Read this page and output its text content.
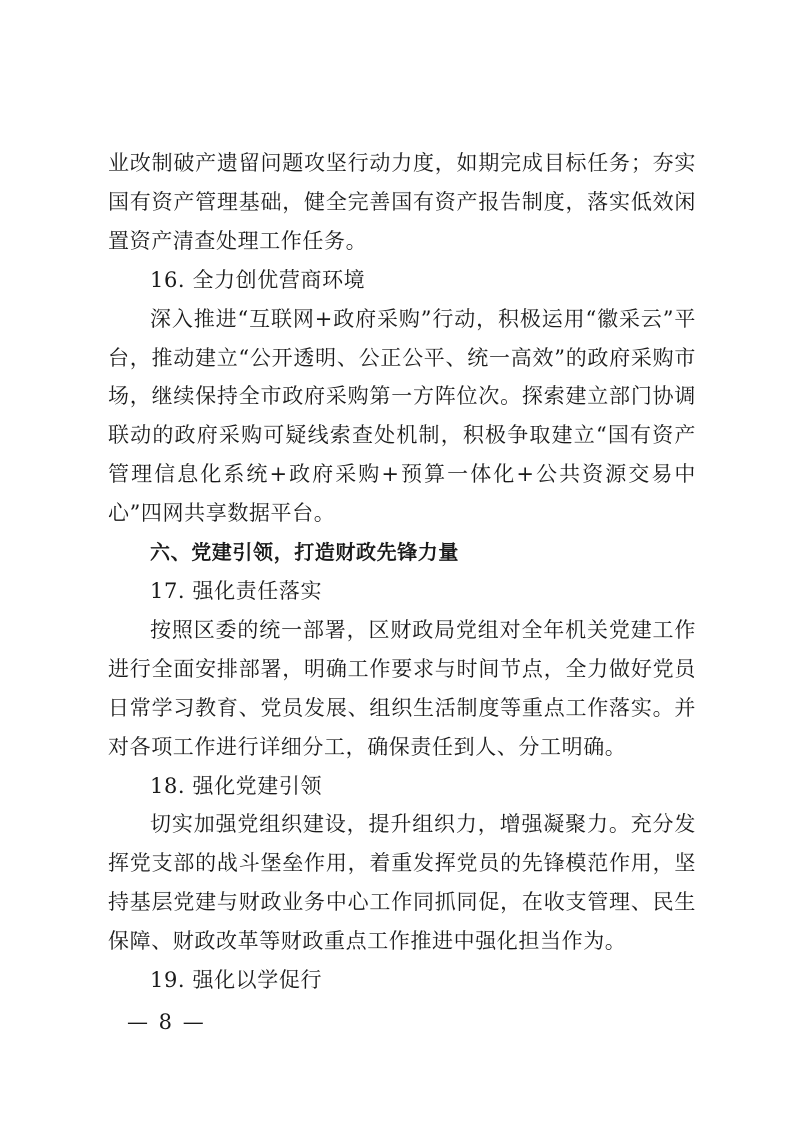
业改制破产遗留问题攻坚行动力度，如期完成目标任务；夯实国有资产管理基础，健全完善国有资产报告制度，落实低效闲置资产清查处理工作任务。

16. 全力创优营商环境

深入推进“互联网+政府采购”行动，积极运用“徽采云”平台，推动建立“公开透明、公正公平、统一高效”的政府采购市场，继续保持全市政府采购第一方阵位次。探索建立部门协调联动的政府采购可疑线索查处机制，积极争取建立“国有资产管理信息化系统+政府采购+预算一体化+公共资源交易中心”四网共享数据平台。

六、党建引领，打造财政先锋力量

17. 强化责任落实

按照区委的统一部署，区财政局党组对全年机关党建工作进行全面安排部署，明确工作要求与时间节点，全力做好党员日常学习教育、党员发展、组织生活制度等重点工作落实。并对各项工作进行详细分工，确保责任到人、分工明确。

18. 强化党建引领

切实加强党组织建设，提升组织力，增强凝聚力。充分发挥党支部的战斗堡垒作用，着重发挥党员的先锋模范作用，坚持基层党建与财政业务中心工作同抓同促，在收支管理、民生保障、财政改革等财政重点工作推进中强化担当作为。

19. 强化以学促行

— 8 —
